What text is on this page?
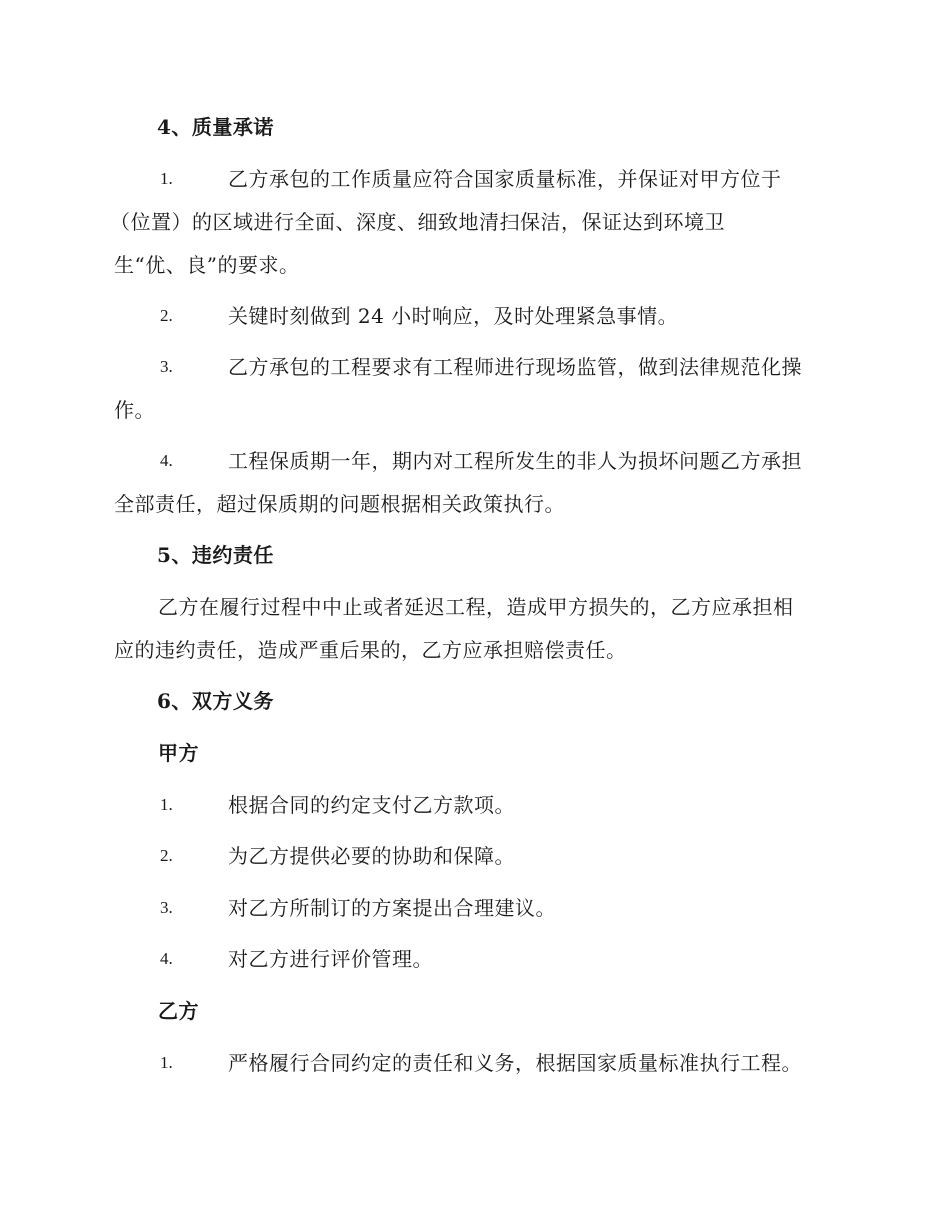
4、质量承诺
1.	乙方承包的工作质量应符合国家质量标准，并保证对甲方位于
（位置）的区域进行全面、深度、细致地清扫保洁，保证达到环境卫
生“优、良”的要求。
2.	关键时刻做到 24 小时响应，及时处理紧急事情。
3.	乙方承包的工程要求有工程师进行现场监管，做到法律规范化操
作。
4.	工程保质期一年，期内对工程所发生的非人为损坏问题乙方承担
全部责任，超过保质期的问题根据相关政策执行。
5、违约责任
乙方在履行过程中中止或者延迟工程，造成甲方损失的，乙方应承担相
应的违约责任，造成严重后果的，乙方应承担赔偿责任。
6、双方义务
甲方
1.	根据合同的约定支付乙方款项。
2.	为乙方提供必要的协助和保障。
3.	对乙方所制订的方案提出合理建议。
4.	对乙方进行评价管理。
乙方
1.	严格履行合同约定的责任和义务，根据国家质量标准执行工程。
